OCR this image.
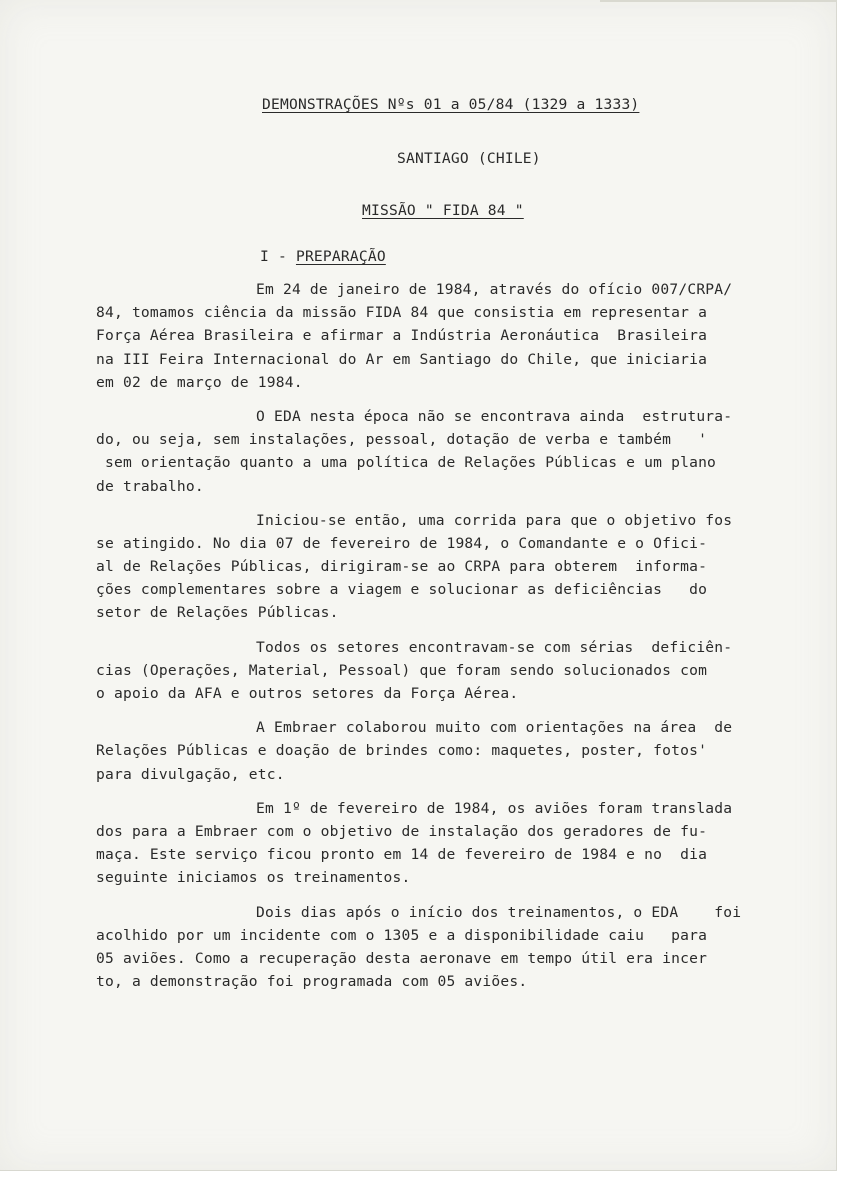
DEMONSTRAÇÕES Nºs 01 a 05/84 (1329 a 1333)
SANTIAGO (CHILE)
MISSÃO " FIDA 84 "
I - PREPARAÇÃO
Em 24 de janeiro de 1984, através do ofício 007/CRPA/
84, tomamos ciência da missão FIDA 84 que consistia em representar a
Força Aérea Brasileira e afirmar a Indústria Aeronáutica  Brasileira
na III Feira Internacional do Ar em Santiago do Chile, que iniciaria
em 02 de março de 1984.
O EDA nesta época não se encontrava ainda  estrutura-
do, ou seja, sem instalações, pessoal, dotação de verba e também   '
sem orientação quanto a uma política de Relações Públicas e um plano
de trabalho.
Iniciou-se então, uma corrida para que o objetivo fos
se atingido. No dia 07 de fevereiro de 1984, o Comandante e o Ofici-
al de Relações Públicas, dirigiram-se ao CRPA para obterem  informa-
ções complementares sobre a viagem e solucionar as deficiências   do
setor de Relações Públicas.
Todos os setores encontravam-se com sérias  deficiên-
cias (Operações, Material, Pessoal) que foram sendo solucionados com
o apoio da AFA e outros setores da Força Aérea.
A Embraer colaborou muito com orientações na área  de
Relações Públicas e doação de brindes como: maquetes, poster, fotos'
para divulgação, etc.
Em 1º de fevereiro de 1984, os aviões foram translada
dos para a Embraer com o objetivo de instalação dos geradores de fu-
maça. Este serviço ficou pronto em 14 de fevereiro de 1984 e no  dia
seguinte iniciamos os treinamentos.
Dois dias após o início dos treinamentos, o EDA    foi
acolhido por um incidente com o 1305 e a disponibilidade caiu   para
05 aviões. Como a recuperação desta aeronave em tempo útil era incer
to, a demonstração foi programada com 05 aviões.
